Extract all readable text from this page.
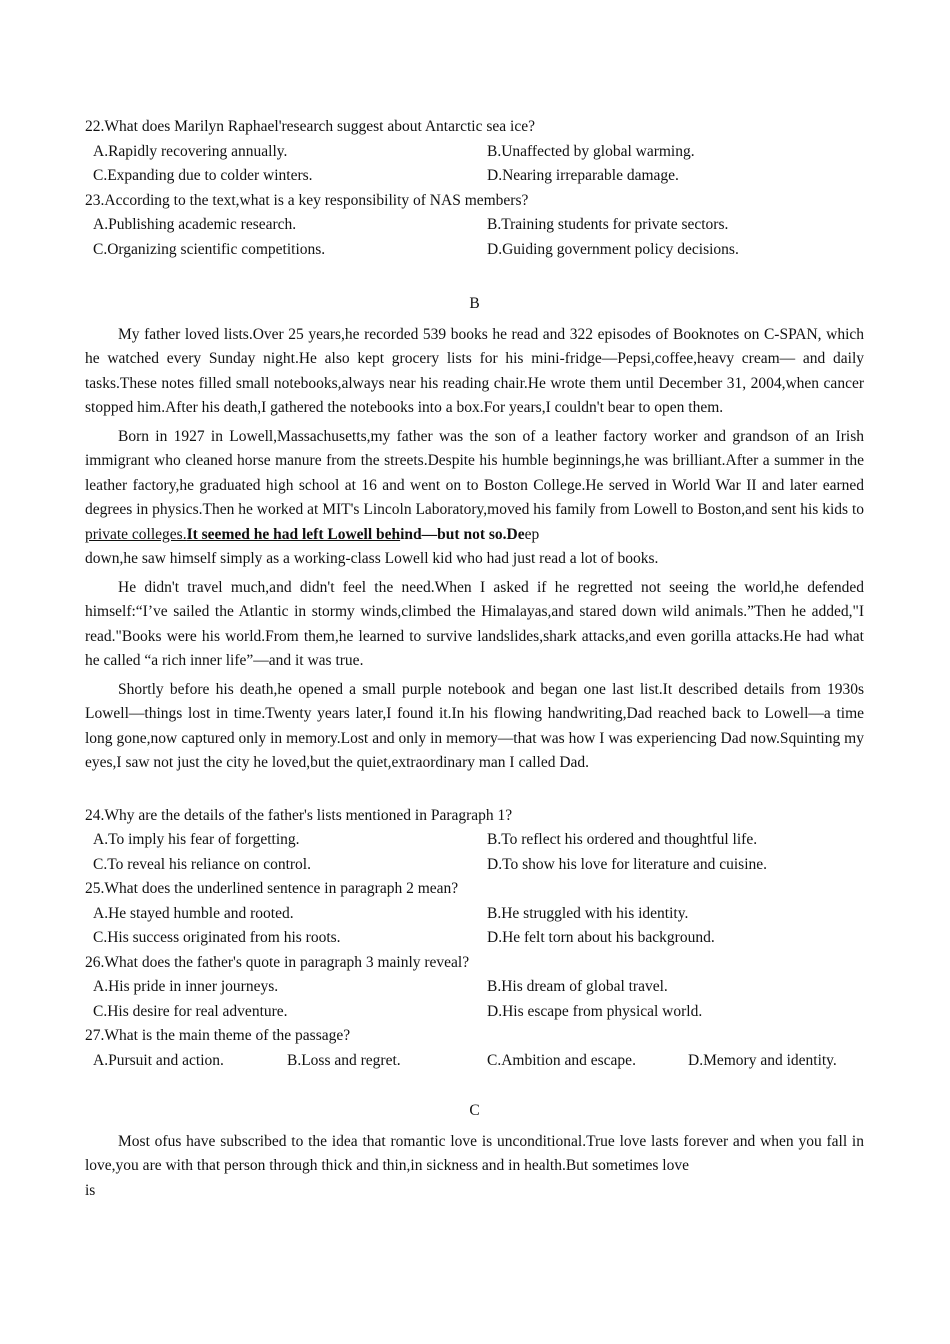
22.What does Marilyn Raphael'research suggest about Antarctic sea ice?

A.Rapidly recovering annually.	B.Unaffected by global warming.
C.Expanding due to colder winters.	D.Nearing irreparable damage.

23.According to the text,what is a key responsibility of NAS members?

A.Publishing academic research.	B.Training students for private sectors.
C.Organizing scientific competitions.	D.Guiding government policy decisions.
B

My father loved lists.Over 25 years,he recorded 539 books he read and 322 episodes of Booknotes on C-SPAN, which he watched every Sunday night.He also kept grocery lists for his mini-fridge—Pepsi,coffee,heavy cream— and daily tasks.These notes filled small notebooks,always near his reading chair.He wrote them until December 31, 2004,when cancer stopped him.After his death,I gathered the notebooks into a box.For years,I couldn't bear to open them.

Born in 1927 in Lowell,Massachusetts,my father was the son of a leather factory worker and grandson of an Irish immigrant who cleaned horse manure from the streets.Despite his humble beginnings,he was brilliant.After a summer in the leather factory,he graduated high school at 16 and went on to Boston College.He served in World War II and later earned degrees in physics.Then he worked at MIT's Lincoln Laboratory,moved his family from Lowell to Boston,and sent his kids to private colleges.It seemed he had left Lowell behind—but not so.Deep

down,he saw himself simply as a working-class Lowell kid who had just read a lot of books.

He didn't travel much,and didn't feel the need.When I asked if he regretted not seeing the world,he defended himself:“I’ve sailed the Atlantic in stormy winds,climbed the Himalayas,and stared down wild animals.”Then he added,"I read."Books were his world.From them,he learned to survive landslides,shark attacks,and even gorilla attacks.He had what he called “a rich inner life”—and it was true.

Shortly before his death,he opened a small purple notebook and began one last list.It described details from 1930s Lowell—things lost in time.Twenty years later,I found it.In his flowing handwriting,Dad reached back to Lowell—a time long gone,now captured only in memory.Lost and only in memory—that was how I was experiencing Dad now.Squinting my eyes,I saw not just the city he loved,but the quiet,extraordinary man I called Dad.

24.Why are the details of the father's lists mentioned in Paragraph 1?

A.To imply his fear of forgetting.	B.To reflect his ordered and thoughtful life.
C.To reveal his reliance on control.	D.To show his love for literature and cuisine.

25.What does the underlined sentence in paragraph 2 mean?

A.He stayed humble and rooted.	B.He struggled with his identity.
C.His success originated from his roots.	D.He felt torn about his background.

26.What does the father's quote in paragraph 3 mainly reveal?

A.His pride in inner journeys.	B.His dream of global travel.
C.His desire for real adventure.	D.His escape from physical world.

27.What is the main theme of the passage?

A.Pursuit and action.	B.Loss and regret.	C.Ambition and escape.	D.Memory and identity.
C

Most ofus have subscribed to the idea that romantic love is unconditional.True love lasts forever and when you fall in love,you are with that person through thick and thin,in sickness and in health.But sometimes love

is
